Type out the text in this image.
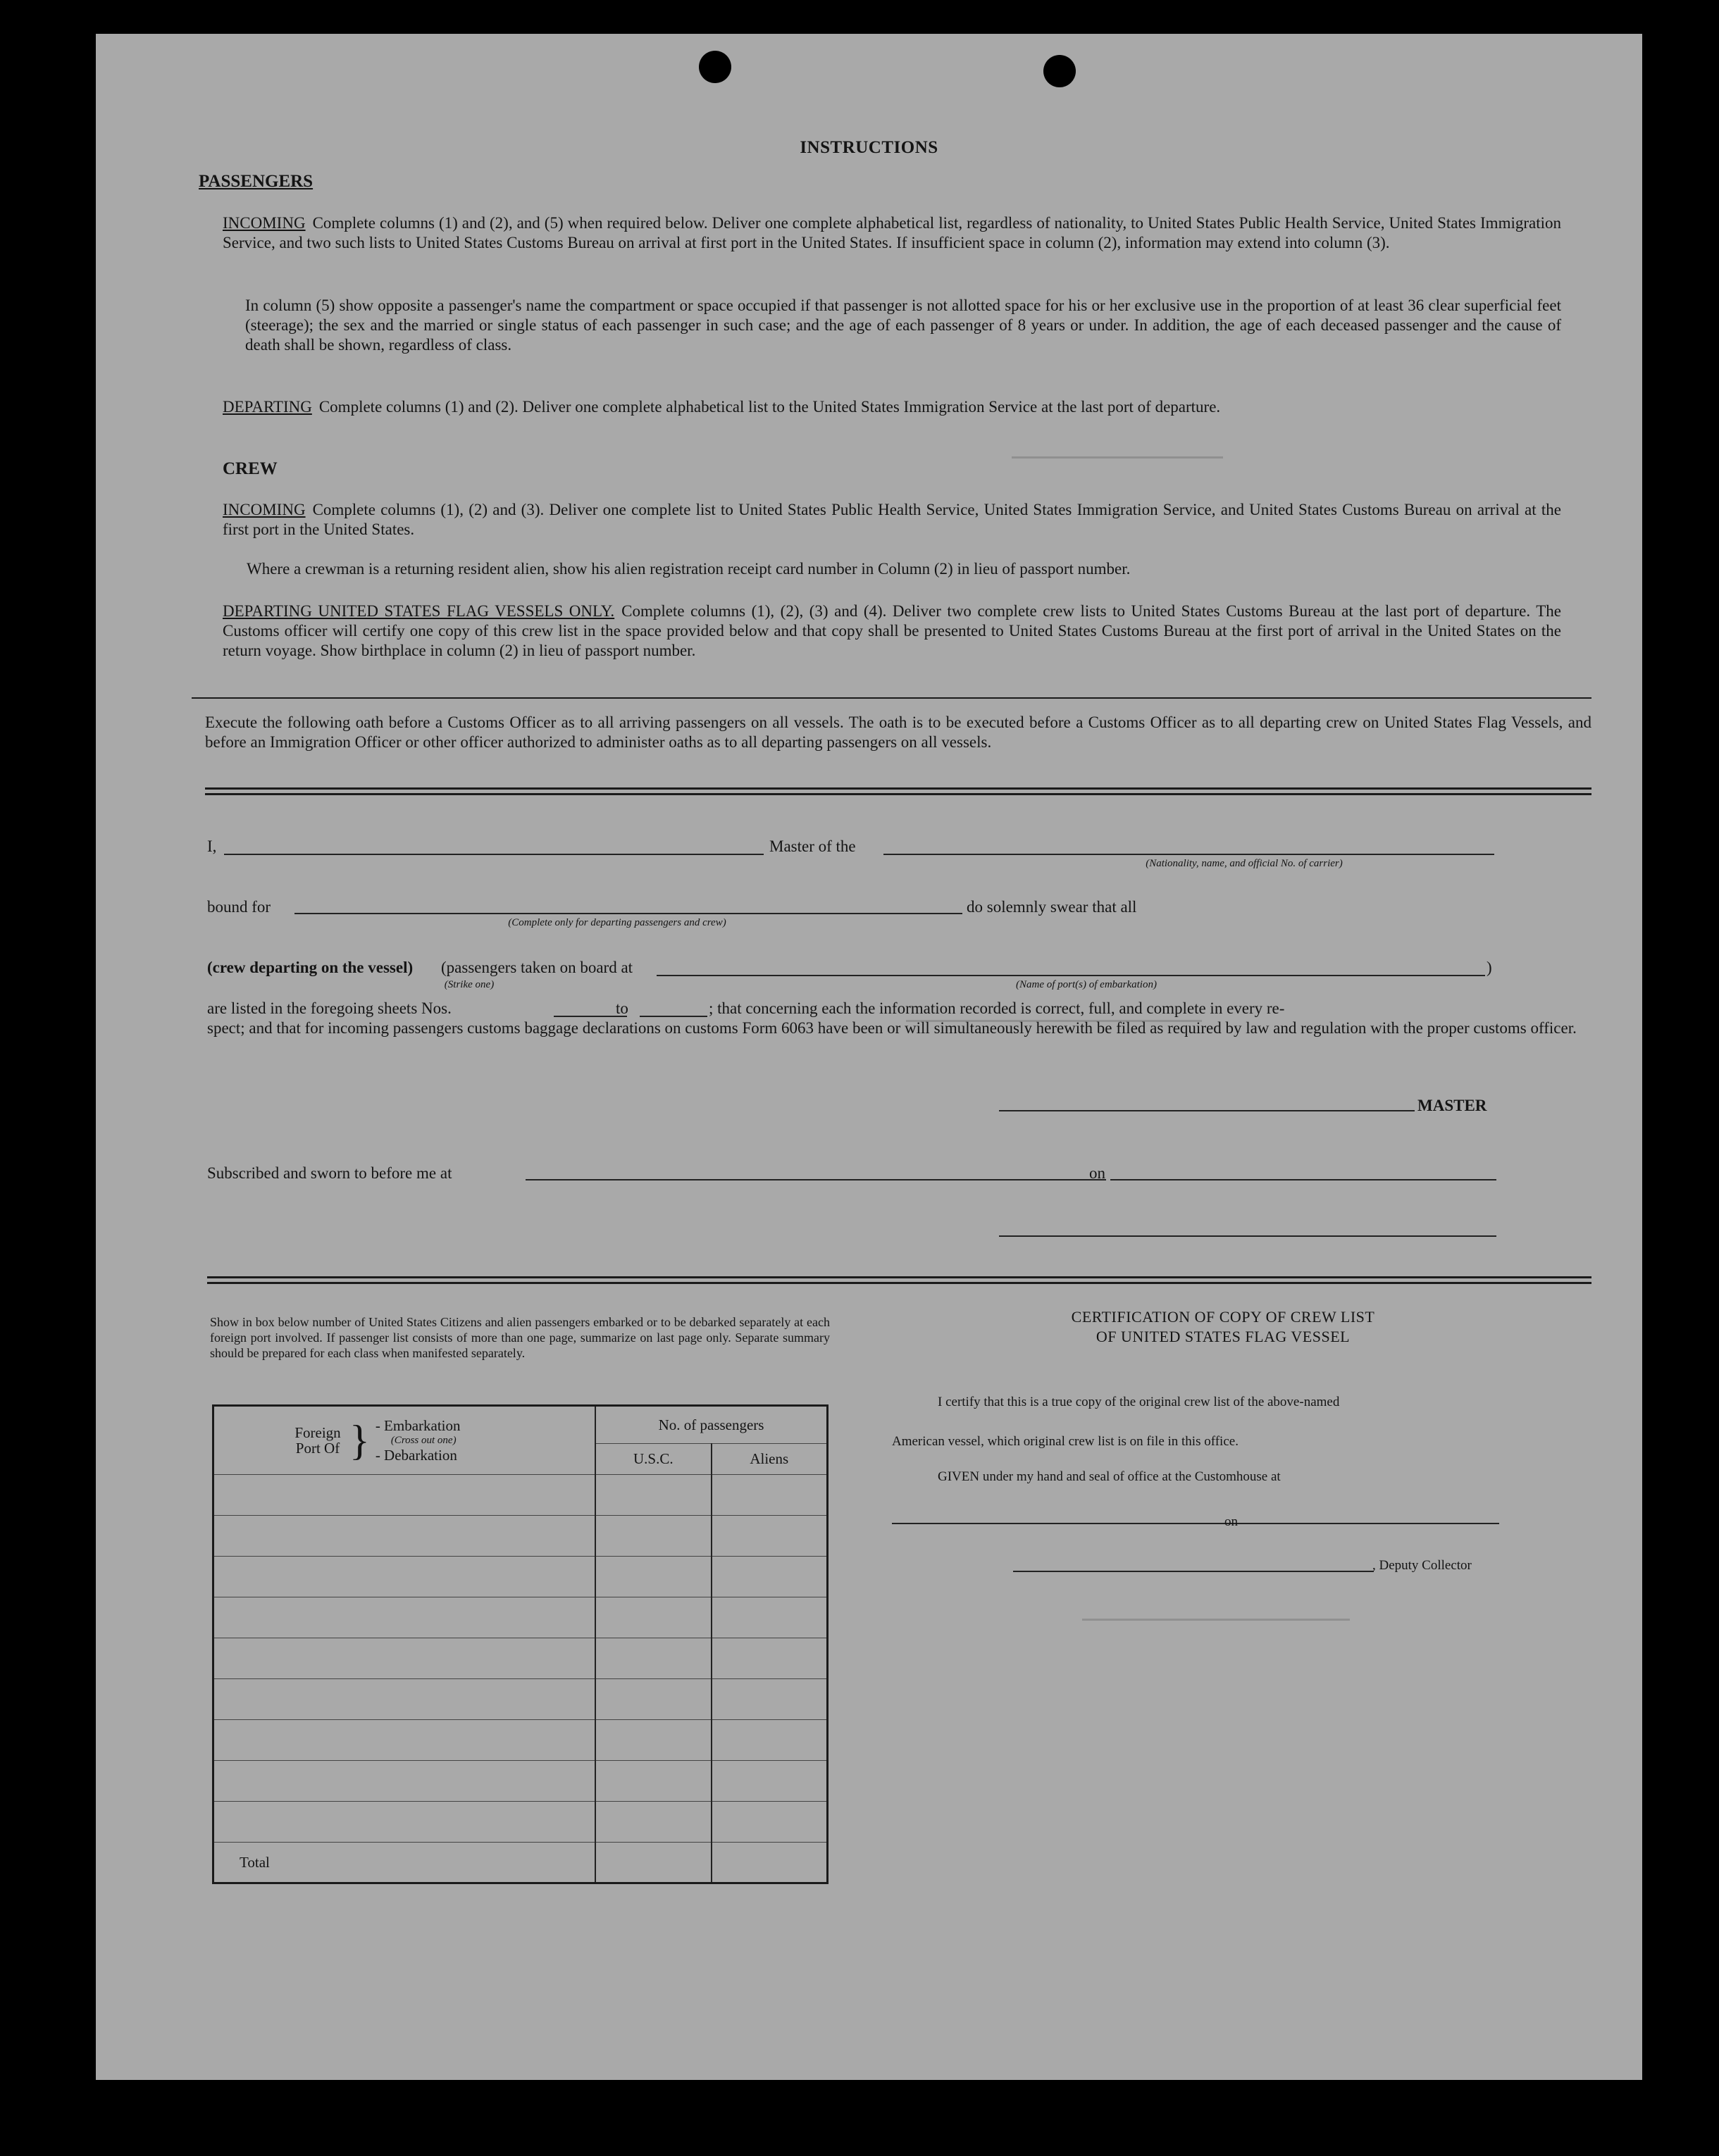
INSTRUCTIONS
PASSENGERS
INCOMING Complete columns (1) and (2), and (5) when required below. Deliver one complete alphabetical list, regardless of nationality, to United States Public Health Service, United States Immigration Service, and two such lists to United States Customs Bureau on arrival at first port in the United States. If insufficient space in column (2), information may extend into column (3).
In column (5) show opposite a passenger's name the compartment or space occupied if that passenger is not allotted space for his or her exclusive use in the proportion of at least 36 clear superficial feet (steerage); the sex and the married or single status of each passenger in such case; and the age of each passenger of 8 years or under. In addition, the age of each deceased passenger and the cause of death shall be shown, regardless of class.
DEPARTING Complete columns (1) and (2). Deliver one complete alphabetical list to the United States Immigration Service at the last port of departure.
CREW
INCOMING Complete columns (1), (2) and (3). Deliver one complete list to United States Public Health Service, United States Immigration Service, and United States Customs Bureau on arrival at the first port in the United States.
Where a crewman is a returning resident alien, show his alien registration receipt card number in Column (2) in lieu of passport number.
DEPARTING UNITED STATES FLAG VESSELS ONLY. Complete columns (1), (2), (3) and (4). Deliver two complete crew lists to United States Customs Bureau at the last port of departure. The Customs officer will certify one copy of this crew list in the space provided below and that copy shall be presented to United States Customs Bureau at the first port of arrival in the United States on the return voyage. Show birthplace in column (2) in lieu of passport number.
Execute the following oath before a Customs Officer as to all arriving passengers on all vessels. The oath is to be executed before a Customs Officer as to all departing crew on United States Flag Vessels, and before an Immigration Officer or other officer authorized to administer oaths as to all departing passengers on all vessels.
I,	Master of the
(Nationality, name, and official No. of carrier)
bound for
(Complete only for departing passengers and crew)
do solemnly swear that all
(crew departing on the vessel) (passengers taken on board at	)
(Strike one)	(Name of port(s) of embarkation)
are listed in the foregoing sheets Nos.	to	; that concerning each the information recorded is correct, full, and complete in every re-
spect; and that for incoming passengers customs baggage declarations on customs Form 6063 have been or will simultaneously herewith be filed as required by law and regulation with the proper customs officer.
MASTER
Subscribed and sworn to before me at	on
Show in box below number of United States Citizens and alien passengers embarked or to be debarked separately at each foreign port involved. If passenger list consists of more than one page, summarize on last page only. Separate summary should be prepared for each class when manifested separately.
Foreign Port Of } - Embarkation
(Cross out one)
- Debarkation	No. of passengers	
	U.S.C.	Aliens

Total		
CERTIFICATION OF COPY OF CREW LIST
OF UNITED STATES FLAG VESSEL
I certify that this is a true copy of the original crew list of the above-named
American vessel, which original crew list is on file in this office.
GIVEN under my hand and seal of office at the Customhouse at
on
, Deputy Collector
